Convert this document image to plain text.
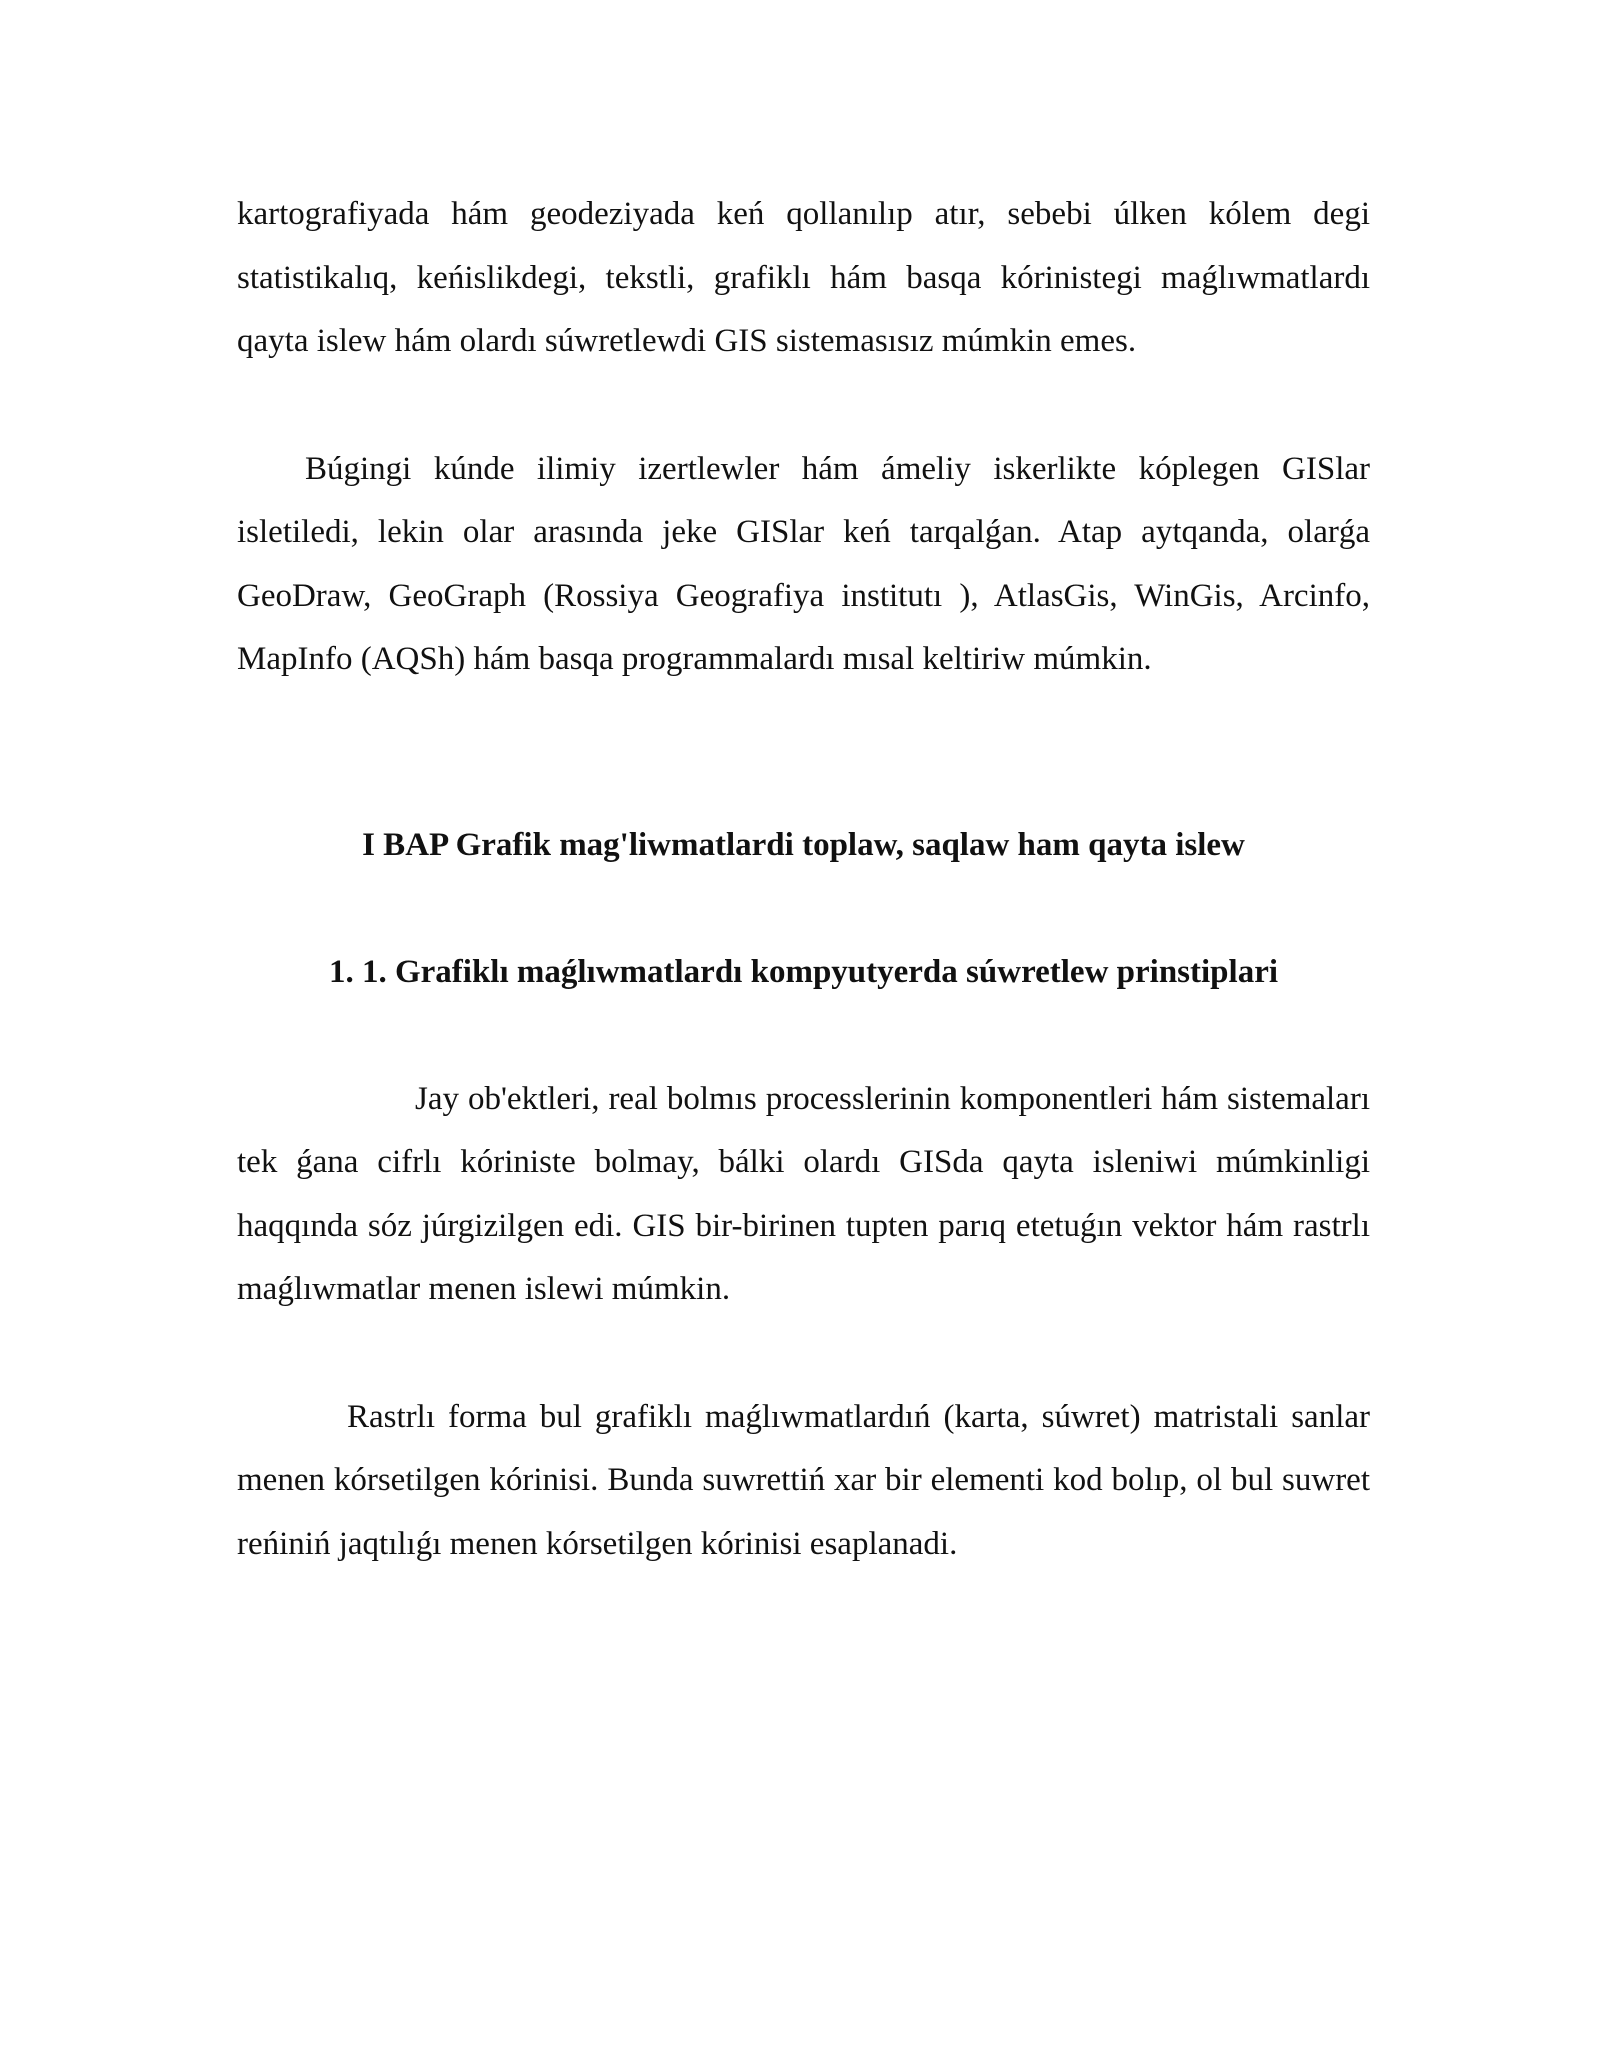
kartografiyada hám geodeziyada keń qollanılıp atır, sebebi úlken kólem degi statistikalıq, keńislikdegi, tekstli, grafiklı hám basqa kórinistegi maǵlıwmatlardı qayta islew hám olardı súwretlewdi GIS sistemasısız múmkin emes.

Búgingi kúnde ilimiy izertlewler hám ámeliy iskerlikte kóplegen GISlar isletiledi, lekin olar arasında jeke GISlar keń tarqalǵan. Atap aytqanda, olarǵa GeoDraw, GeoGraph (Rossiya Geografiya institutı ), AtlasGis, WinGis, Arcinfo, MapInfo (AQSh) hám basqa programmalardı mısal keltiriw múmkin.

I BAP Grafik mag'liwmatlardi toplaw, saqlaw ham qayta islew
1. 1. Grafiklı maǵlıwmatlardı kompyutyerda súwretlew prinstiplari

Jay ob'ektleri, real bolmıs processlerinin komponentleri hám sistemaları tek ǵana cifrlı kóriniste bolmay, bálki olardı GISda qayta isleniwi múmkinligi haqqında sóz júrgizilgen edi. GIS bir-birinen tupten parıq etetuǵın vektor hám rastrlı maǵlıwmatlar menen islewi múmkin.

Rastrlı forma bul grafiklı maǵlıwmatlardıń (karta, súwret) matristali sanlar menen kórsetilgen kórinisi. Bunda suwrettiń xar bir elementi kod bolıp, ol bul suwret reńiniń jaqtılıǵı menen kórsetilgen kórinisi esaplanadi.
